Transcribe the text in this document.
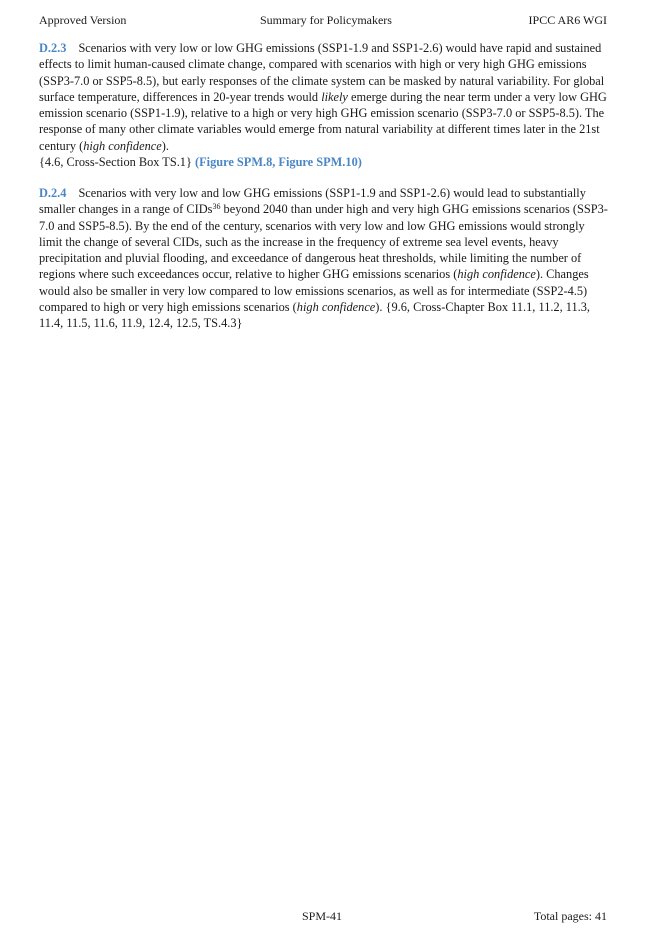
Approved Version	Summary for Policymakers	IPCC AR6 WGI

D.2.3 Scenarios with very low or low GHG emissions (SSP1-1.9 and SSP1-2.6) would have rapid and sustained effects to limit human-caused climate change, compared with scenarios with high or very high GHG emissions (SSP3-7.0 or SSP5-8.5), but early responses of the climate system can be masked by natural variability. For global surface temperature, differences in 20-year trends would likely emerge during the near term under a very low GHG emission scenario (SSP1-1.9), relative to a high or very high GHG emission scenario (SSP3-7.0 or SSP5-8.5). The response of many other climate variables would emerge from natural variability at different times later in the 21st century (high confidence).
{4.6, Cross-Section Box TS.1} (Figure SPM.8, Figure SPM.10)

D.2.4 Scenarios with very low and low GHG emissions (SSP1-1.9 and SSP1-2.6) would lead to substantially smaller changes in a range of CIDs$^{36}$ beyond 2040 than under high and very high GHG emissions scenarios (SSP3-7.0 and SSP5-8.5). By the end of the century, scenarios with very low and low GHG emissions would strongly limit the change of several CIDs, such as the increase in the frequency of extreme sea level events, heavy precipitation and pluvial flooding, and exceedance of dangerous heat thresholds, while limiting the number of regions where such exceedances occur, relative to higher GHG emissions scenarios (high confidence). Changes would also be smaller in very low compared to low emissions scenarios, as well as for intermediate (SSP2-4.5) compared to high or very high emissions scenarios (high confidence). {9.6, Cross-Chapter Box 11.1, 11.2, 11.3, 11.4, 11.5, 11.6, 11.9, 12.4, 12.5, TS.4.3}

SPM-41	Total pages: 41
